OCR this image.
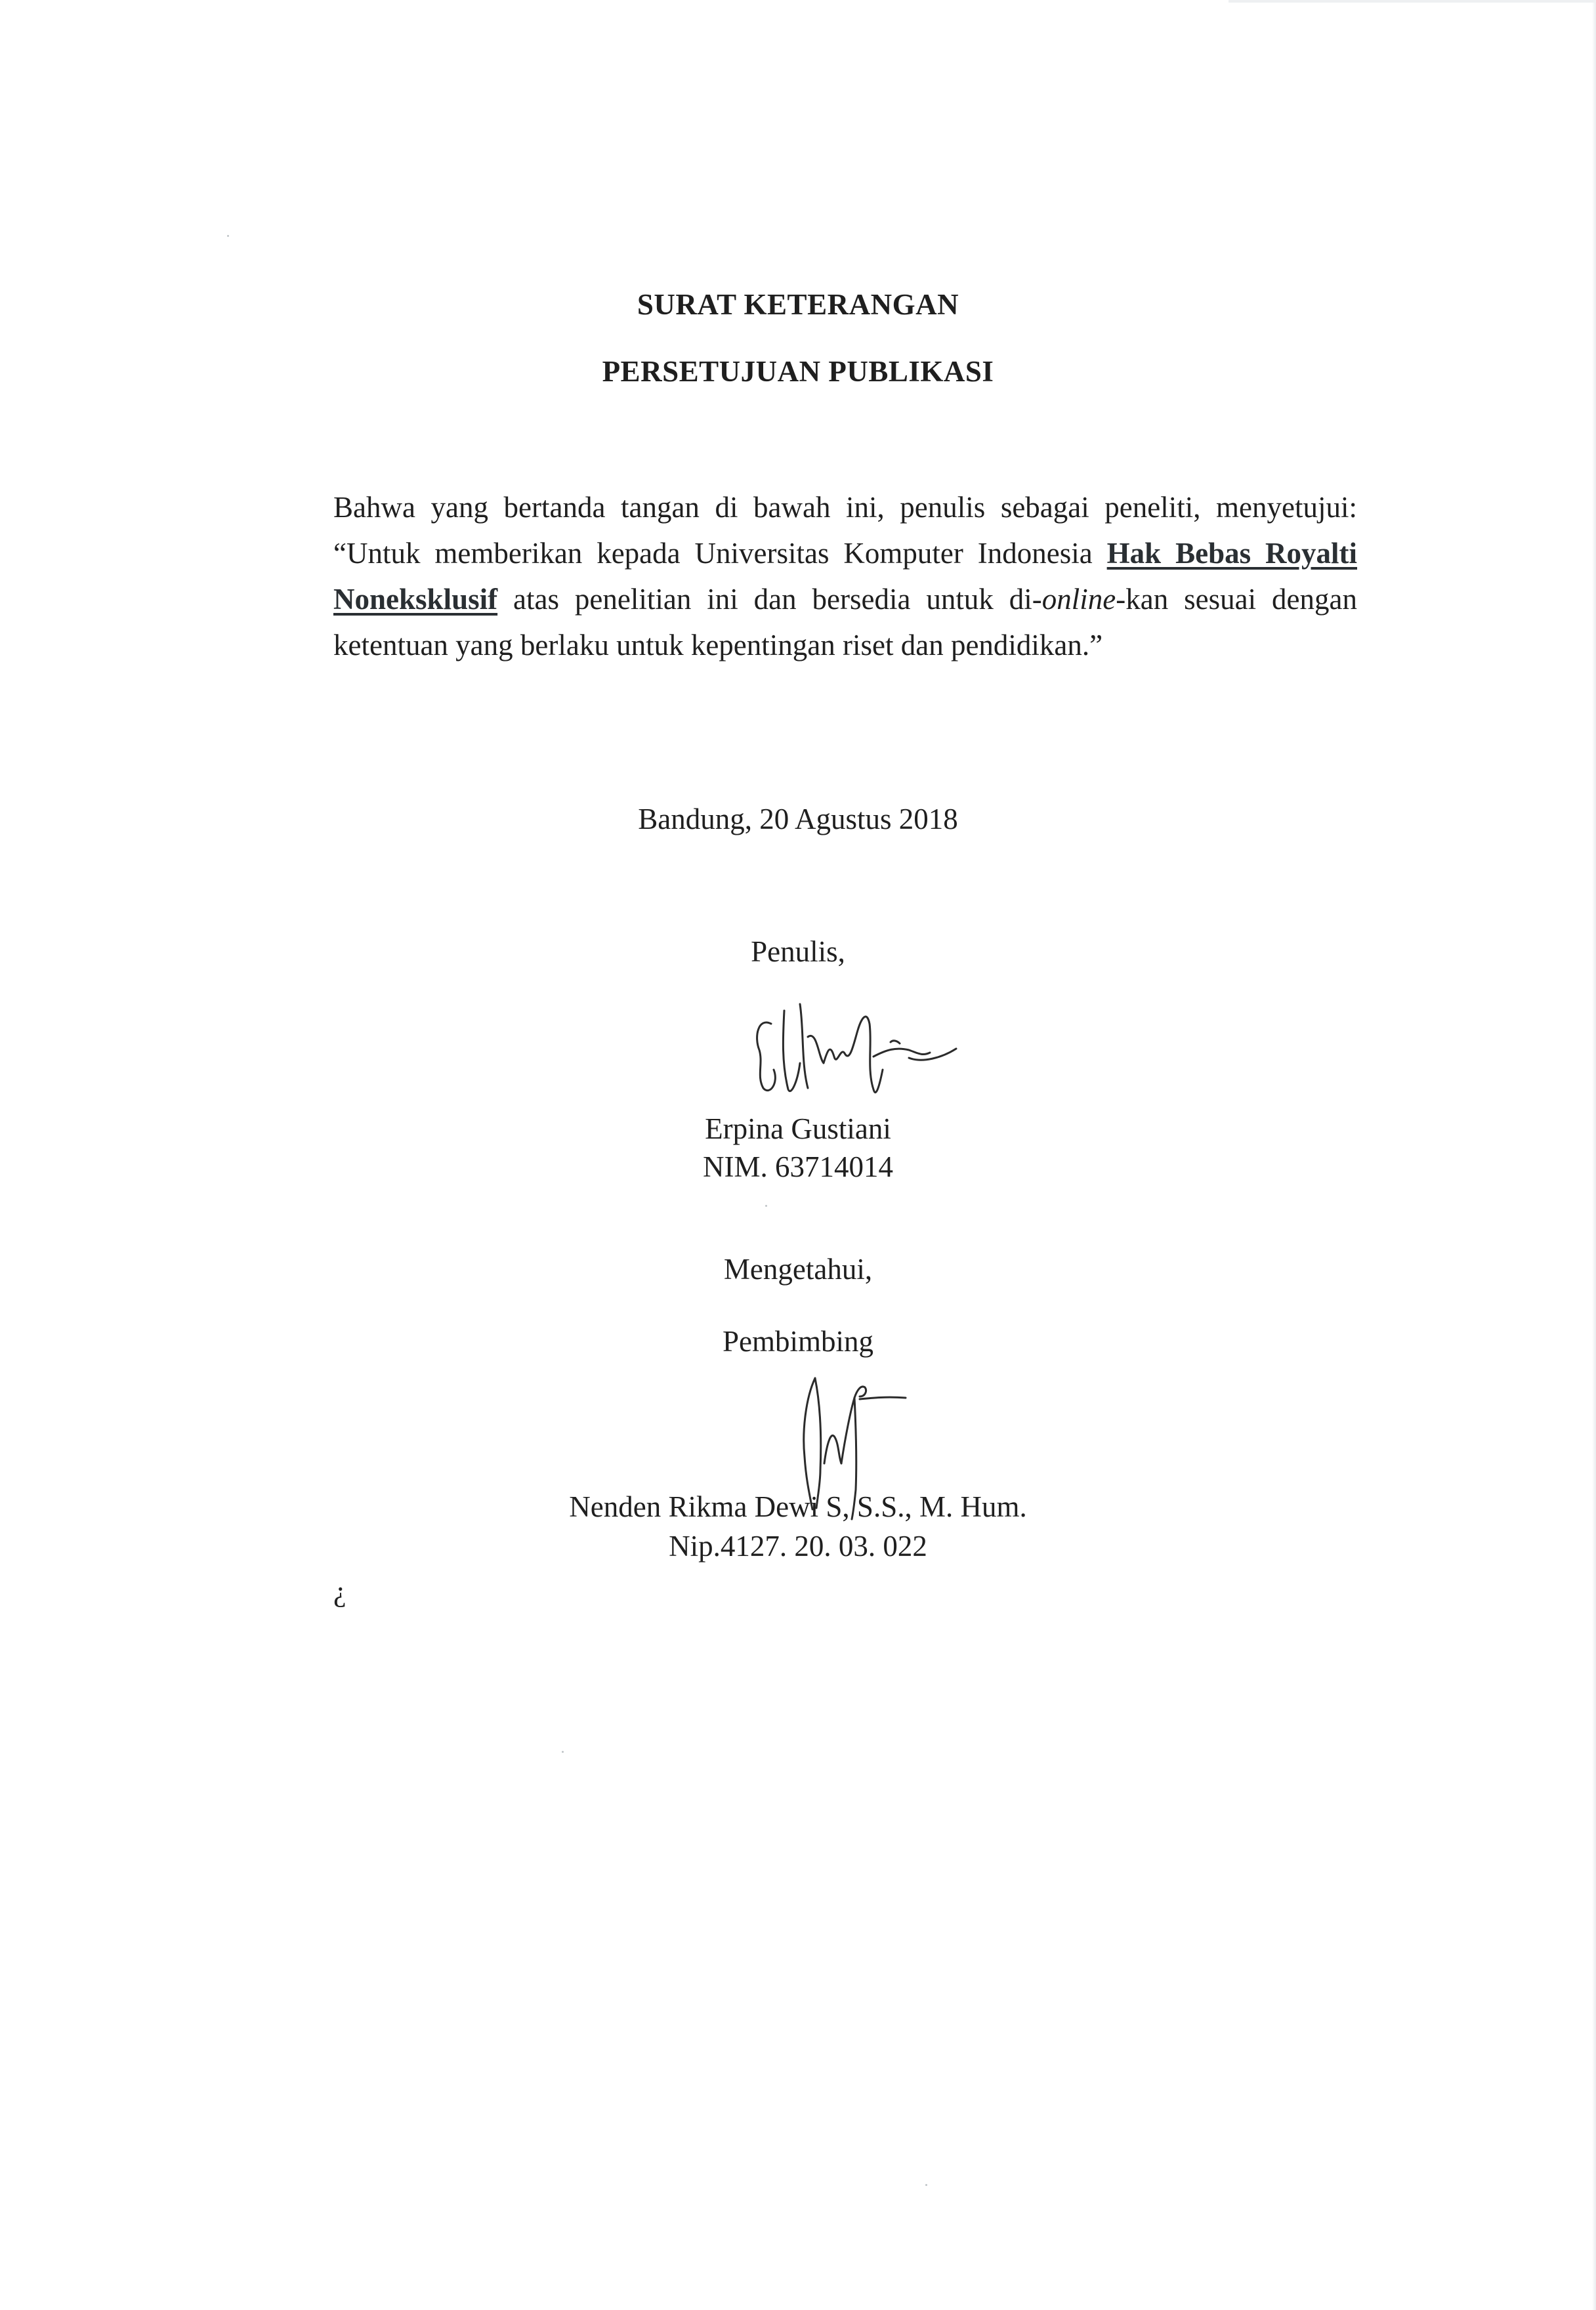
SURAT KETERANGAN
PERSETUJUAN PUBLIKASI
Bahwa yang bertanda tangan di bawah ini, penulis sebagai peneliti, menyetujui:
“Untuk memberikan kepada Universitas Komputer Indonesia Hak Bebas Royalti
Noneksklusif atas penelitian ini dan bersedia untuk di-online-kan sesuai dengan
ketentuan yang berlaku untuk kepentingan riset dan pendidikan.”

Bandung, 20 Agustus 2018

Penulis,

Erpina Gustiani

NIM. 63714014

Mengetahui,

Pembimbing

Nenden Rikma Dewi S, S.S., M. Hum.

Nip.4127. 20. 03. 022

¿
